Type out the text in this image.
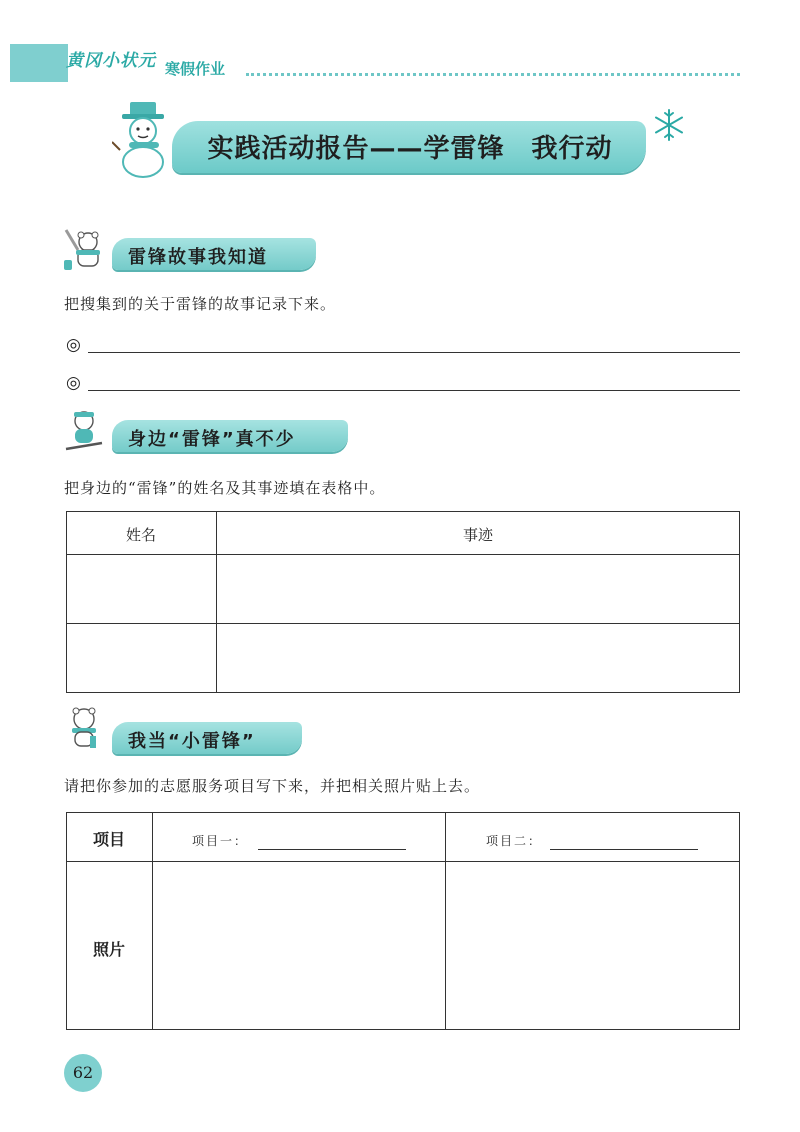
黄冈小状元 寒假作业
实践活动报告——学雷锋　我行动
雷锋故事我知道
把搜集到的关于雷锋的故事记录下来。
◎
◎
身边“雷锋”真不少
把身边的“雷锋”的姓名及其事迹填在表格中。
姓名	事迹
我当“小雷锋”
请把你参加的志愿服务项目写下来，并把相关照片贴上去。
项目	项目一：	项目二：
照片
62
